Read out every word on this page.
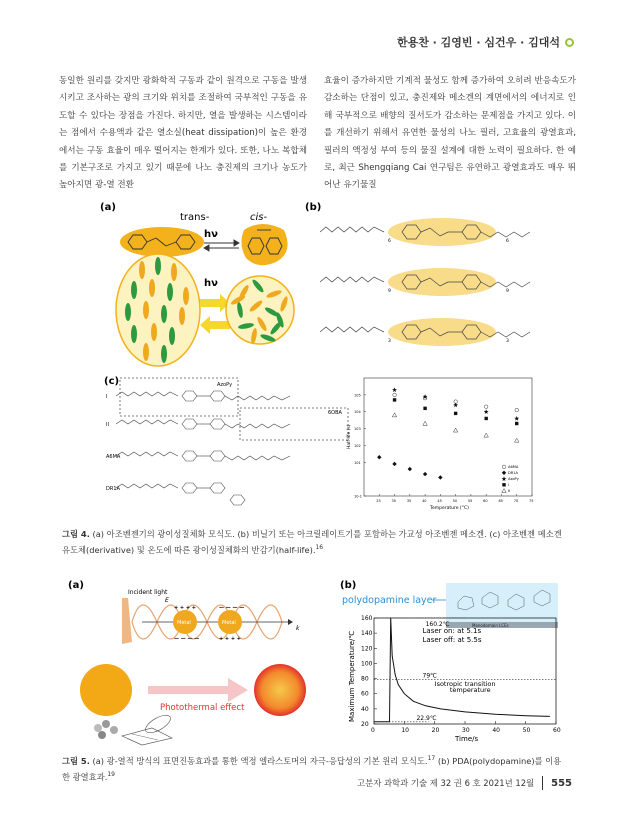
한용찬 · 김영빈 · 심건우 · 김대석

동일한 원리를 갖지만 광화학적 구동과 같이 원격으로 구동을 발생시키고 조사하는 광의 크기와 위치를 조절하여 국부적인 구동을 유도할 수 있다는 장점을 가진다. 하지만, 열을 발생하는 시스템이라는 점에서 수용액과 같은 열소실(heat dissipation)이 높은 환경에서는 구동 효율이 매우 떨어지는 한계가 있다. 또한, 나노 복합체를 기본구조로 가지고 있기 때문에 나노 충진제의 크기나 농도가 높아지면 광-열 전환

효율이 증가하지만 기계적 물성도 함께 증가하여 오히려 반응속도가 감소하는 단점이 있고, 충진제와 메소겐의 계면에서의 에너지로 인해 국부적으로 배향의 질서도가 감소하는 문제점을 가지고 있다. 이를 개선하기 위해서 유연한 물성의 나노 필러, 고효율의 광열효과, 필러의 액정성 부여 등의 물질 설계에 대한 노력이 필요하다. 한 예로, 최근 Shengqiang Cai 연구팀은 유연하고 광열효과도 매우 뛰어난 유기물질

(a)
trans-	cis-
hν
hν
(b)
6	6
9	9
3	3
(c)	AzoPy
6OBA
I
II
A6MA
DR1A
25	30	35	40	45	50	55	60	65	70	75
10-1
101
102
103
104
105
Temperature (°C)
Half-life (s)
A6MA
DR1A
AzoPy
I
II
그림 4. (a) 아조벤젠기의 광이성질체화 모식도. (b) 비닐기 또는 아크릴레이트기를 포함하는 가교성 아조벤젠 메소겐. (c) 아조벤젠 메소겐 유도체(derivative) 및 온도에 따른 광이성질체화의 반감기(half-life).$^{16}$
(a)
Incident light
E
k
Metal	Metal
+ + + +
+ + + +
— — — —
— — — —
Photothermal effect
(b)
polydopamine layer
Monodomain LCEs
0	10	20	30	40	50	60
20
40
60
80
100
120
140
160
Time/s
Maximum Temperature/℃
160.2℃
Laser on: at 5.1s
Laser off: at 5.5s
79℃
Isotropic transition
temperature
22.9℃
그림 5. (a) 광-열적 방식의 표면진동효과를 통한 액정 엘라스토머의 자극-응답성의 기본 원리 모식도.$^{17}$ (b) PDA(polydopamine)를 이용한 광열효과.$^{19}$
고분자 과학과 기술 제 32 권 6 호 2021년 12월 555
